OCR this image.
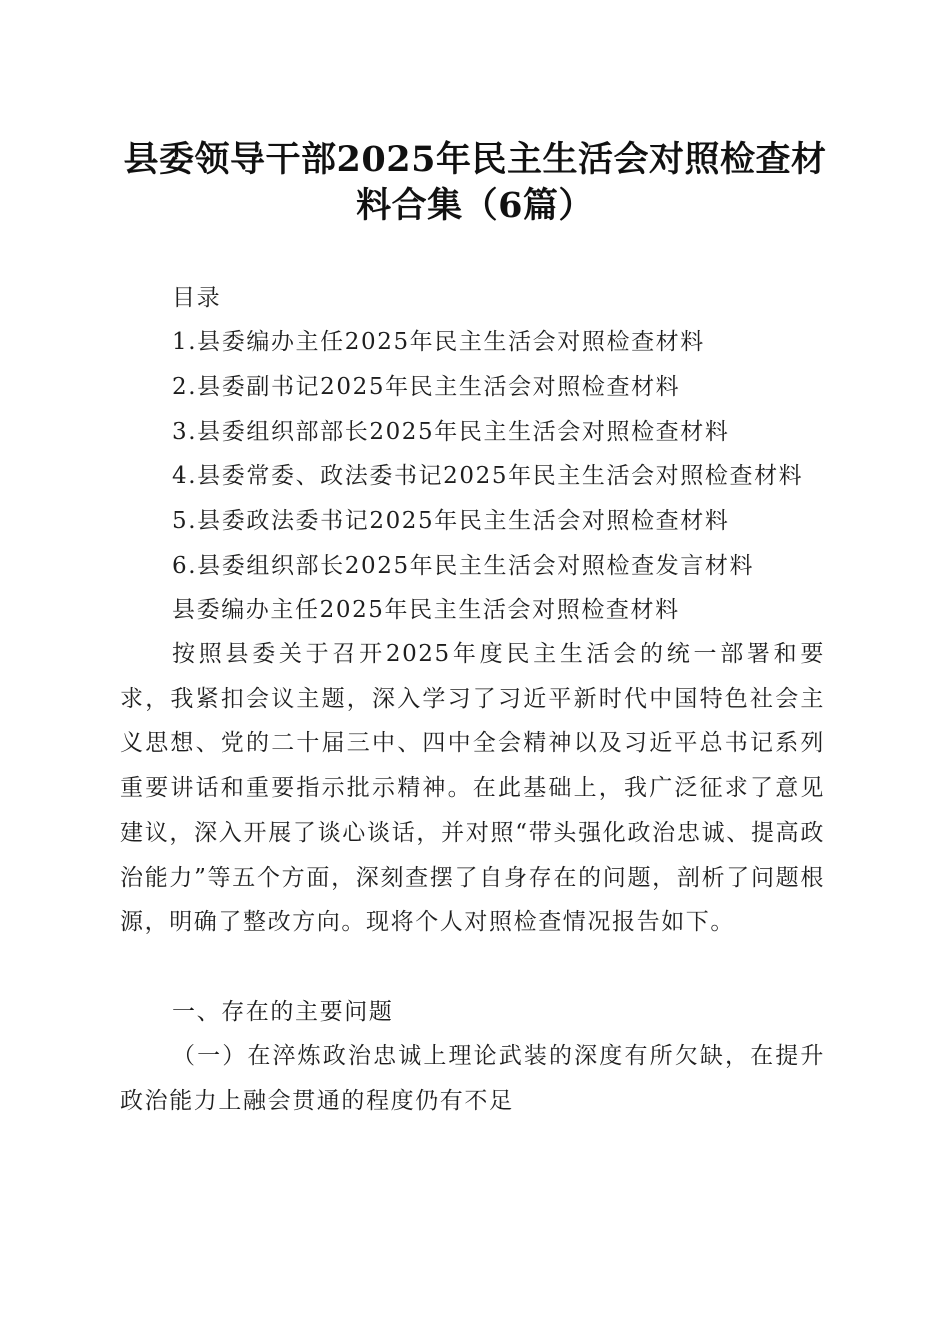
县委领导干部2025年民主生活会对照检查材
料合集（6篇）
目录
1.县委编办主任2025年民主生活会对照检查材料
2.县委副书记2025年民主生活会对照检查材料
3.县委组织部部长2025年民主生活会对照检查材料
4.县委常委、政法委书记2025年民主生活会对照检查材料
5.县委政法委书记2025年民主生活会对照检查材料
6.县委组织部长2025年民主生活会对照检查发言材料
县委编办主任2025年民主生活会对照检查材料
按照县委关于召开2025年度民主生活会的统一部署和要求，我紧扣会议主题，深入学习了习近平新时代中国特色社会主义思想、党的二十届三中、四中全会精神以及习近平总书记系列重要讲话和重要指示批示精神。在此基础上，我广泛征求了意见建议，深入开展了谈心谈话，并对照“带头强化政治忠诚、提高政治能力”等五个方面，深刻查摆了自身存在的问题，剖析了问题根源，明确了整改方向。现将个人对照检查情况报告如下。
一、存在的主要问题
（一）在淬炼政治忠诚上理论武装的深度有所欠缺，在提升政治能力上融会贯通的程度仍有不足
